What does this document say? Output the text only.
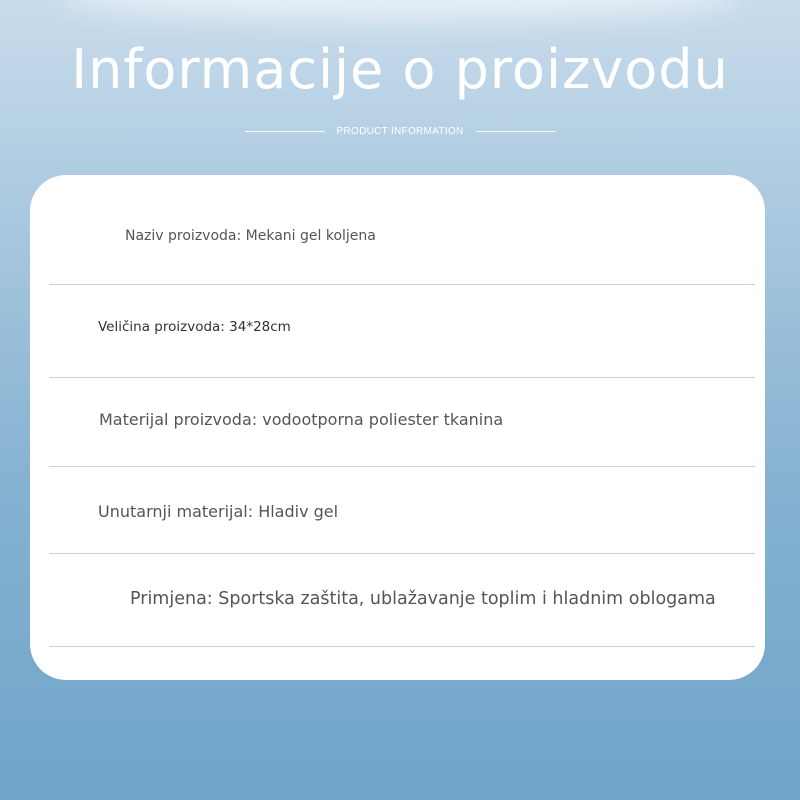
Informacije o proizvodu
PRODUCT INFORMATION
Naziv proizvoda: Mekani gel koljena
Veličina proizvoda: 34*28cm
Materijal proizvoda: vodootporna poliester tkanina
Unutarnji materijal: Hladiv gel
Primjena: Sportska zaštita, ublažavanje toplim i hladnim oblogama
